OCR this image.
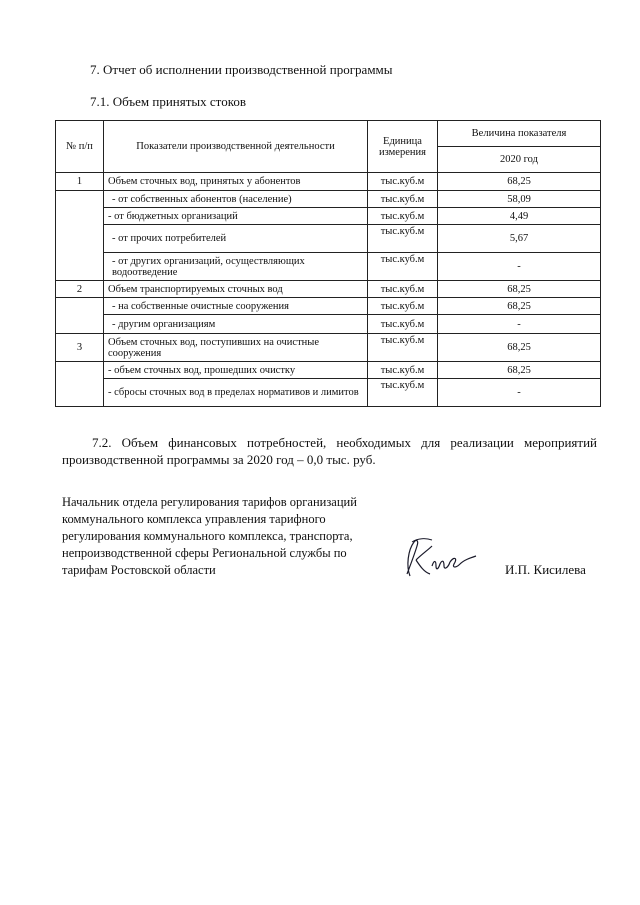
7. Отчет об исполнении производственной программы
7.1. Объем принятых стоков
№ п/п	Показатели производственной деятельности	Единица измерения	Величина показателя
			2020 год
1	Объем сточных вод, принятых у абонентов	тыс.куб.м	68,25
	- от собственных абонентов (население)	тыс.куб.м	58,09
	- от бюджетных организаций	тыс.куб.м	4,49
	- от прочих потребителей	тыс.куб.м	5,67
	- от других организаций, осуществляющих водоотведение	тыс.куб.м	-
2	Объем транспортируемых сточных вод	тыс.куб.м	68,25
	- на собственные очистные сооружения	тыс.куб.м	68,25
	- другим организациям	тыс.куб.м	-
3	Объем сточных вод, поступивших на очистные сооружения	тыс.куб.м	68,25
	- объем сточных вод, прошедших очистку	тыс.куб.м	68,25
	- сбросы сточных вод в пределах нормативов и лимитов	тыс.куб.м	-
7.2. Объем финансовых потребностей, необходимых для реализации мероприятий производственной программы за 2020 год – 0,0 тыс. руб.
Начальник отдела регулирования тарифов организаций
коммунального комплекса управления тарифного
регулирования коммунального комплекса, транспорта,
непроизводственной сферы Региональной службы по
тарифам Ростовской области	И.П. Кисилева
